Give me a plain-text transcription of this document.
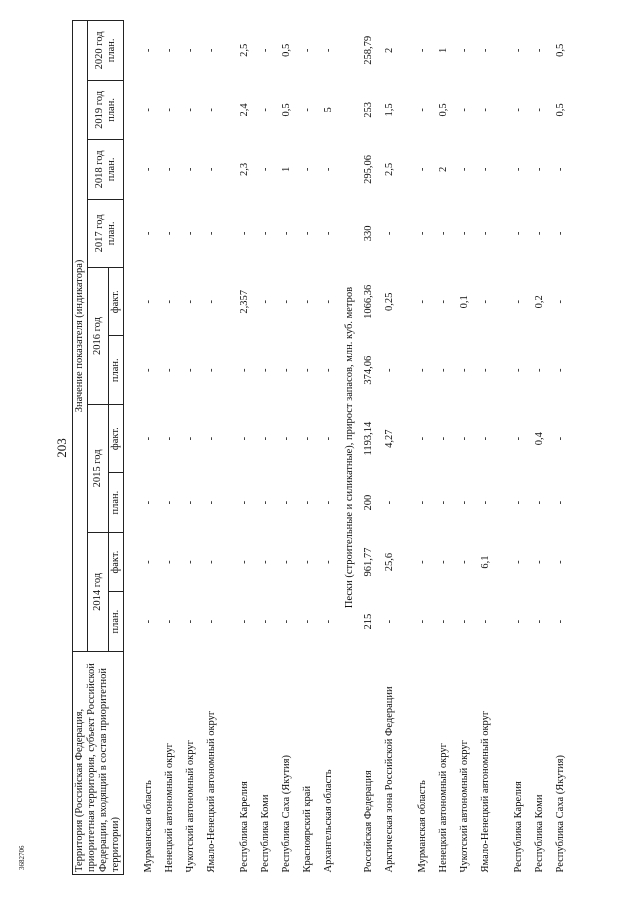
203
3682706	Территория (Российская Федерация, приоритетная территория, субъект Российской Федерации, входящий в состав приоритетной территории)	Значение показателя (индикатора)									
	2014 год		2015 год		2016 год		2017 год план.	2018 год план.	2019 год план.	2020 год план.
	план.	факт.	план.	факт.	план.	факт.				

Мурманская область	-	-	-	-	-	-	-	-	-	-
Ненецкий автономный округ	-	-	-	-	-	-	-	-	-	-
Чукотский автономный округ	-	-	-	-	-	-	-	-	-	-
Ямало-Ненецкий автономный округ	-	-	-	-	-	-	-	-	-	-
Республика Карелия	-	-	-	-	-	2,357	-	2,3	2,4	2,5
Республика Коми	-	-	-	-	-	-	-	-	-	-
Республика Саха (Якутия)	-	-	-	-	-	-	-	1	0,5	0,5
Красноярский край	-	-	-	-	-	-	-	-	-	-
Архангельская область	-	-	-	-	-	-	-	-	5	-
Пески (строительные и силикатные), прирост запасов, млн. куб. метров										
Российская Федерация	215	961,77	200	1193,14	374,06	1066,36	330	295,06	253	258,79
Арктическая зона Российской Федерации	-	25,6	-	4,27	-	0,25	-	2,5	1,5	2
Мурманская область	-	-	-	-	-	-	-	-	-	-
Ненецкий автономный округ	-	-	-	-	-	-	-	2	0,5	1
Чукотский автономный округ	-	-	-	-	-	0,1	-	-	-	-
Ямало-Ненецкий автономный округ	-	6,1	-	-	-	-	-	-	-	-
Республика Карелия	-	-	-	-	-	-	-	-	-	-
Республика Коми	-	-	-	0,4	-	0,2	-	-	-	-
Республика Саха (Якутия)	-	-	-	-	-	-	-	-	0,5	0,5
